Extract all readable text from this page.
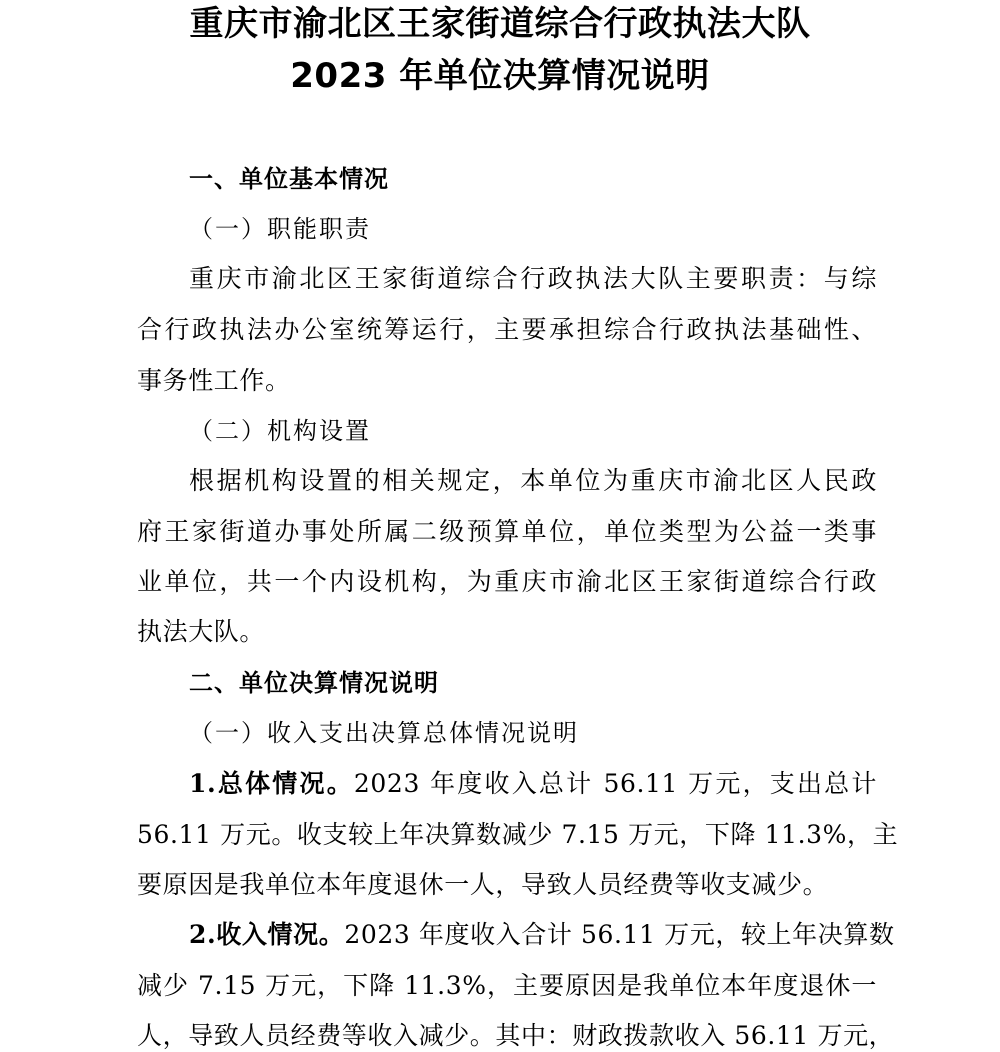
重庆市渝北区王家街道综合行政执法大队
2023 年单位决算情况说明
一、单位基本情况
（一）职能职责
重庆市渝北区王家街道综合行政执法大队主要职责：与综
合行政执法办公室统筹运行，主要承担综合行政执法基础性、
事务性工作。
（二）机构设置
根据机构设置的相关规定，本单位为重庆市渝北区人民政
府王家街道办事处所属二级预算单位，单位类型为公益一类事
业单位，共一个内设机构，为重庆市渝北区王家街道综合行政
执法大队。
二、单位决算情况说明
（一）收入支出决算总体情况说明
1.总体情况。2023 年度收入总计 56.11 万元，支出总计
56.11 万元。收支较上年决算数减少 7.15 万元，下降 11.3%，主
要原因是我单位本年度退休一人，导致人员经费等收支减少。
2.收入情况。2023 年度收入合计 56.11 万元，较上年决算数
减少 7.15 万元，下降 11.3%，主要原因是我单位本年度退休一
人，导致人员经费等收入减少。其中：财政拨款收入 56.11 万元，
